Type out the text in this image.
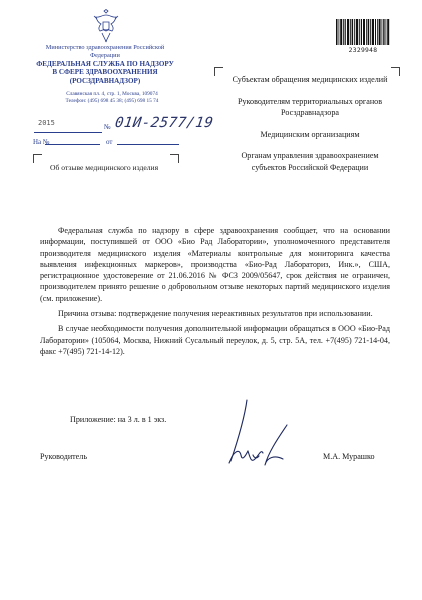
Министерство здравоохранения Российской Федерации
ФЕДЕРАЛЬНАЯ СЛУЖБА ПО НАДЗОРУ В СФЕРЕ ЗДРАВООХРАНЕНИЯ (РОСЗДРАВНАДЗОР)
Славянская пл. 4, стр. 1, Москва, 109074
Телефон: (495) 698 45 38; (495) 698 15 74
2015	№ 01И-2577/19
На №	от
Об отзыве медицинского изделия
2329948
Субъектам обращения медицинских изделий
Руководителям территориальных органов Росздравнадзора
Медицинским организациям
Органам управления здравоохранением субъектов Российской Федерации

Федеральная служба по надзору в сфере здравоохранения сообщает, что на основании информации, поступившей от ООО «Био Рад Лаборатории», уполномоченного представителя производителя медицинского изделия «Материалы контрольные для мониторинга качества выявления инфекционных маркеров», производства «Био-Рад Лабораториз, Инк.», США, регистрационное удостоверение от 21.06.2016 № ФСЗ 2009/05647, срок действия не ограничен, производителем принято решение о добровольном отзыве некоторых партий медицинского изделия (см. приложение).

Причина отзыва: подтверждение получения нереактивных результатов при использовании.

В случае необходимости получения дополнительной информации обращаться в ООО «Био-Рад Лаборатории» (105064, Москва, Нижний Сусальный переулок, д. 5, стр. 5А, тел. +7(495) 721-14-04, факс +7(495) 721-14-12).

Приложение: на 3 л. в 1 экз.
Руководитель	М.А. Мурашко
